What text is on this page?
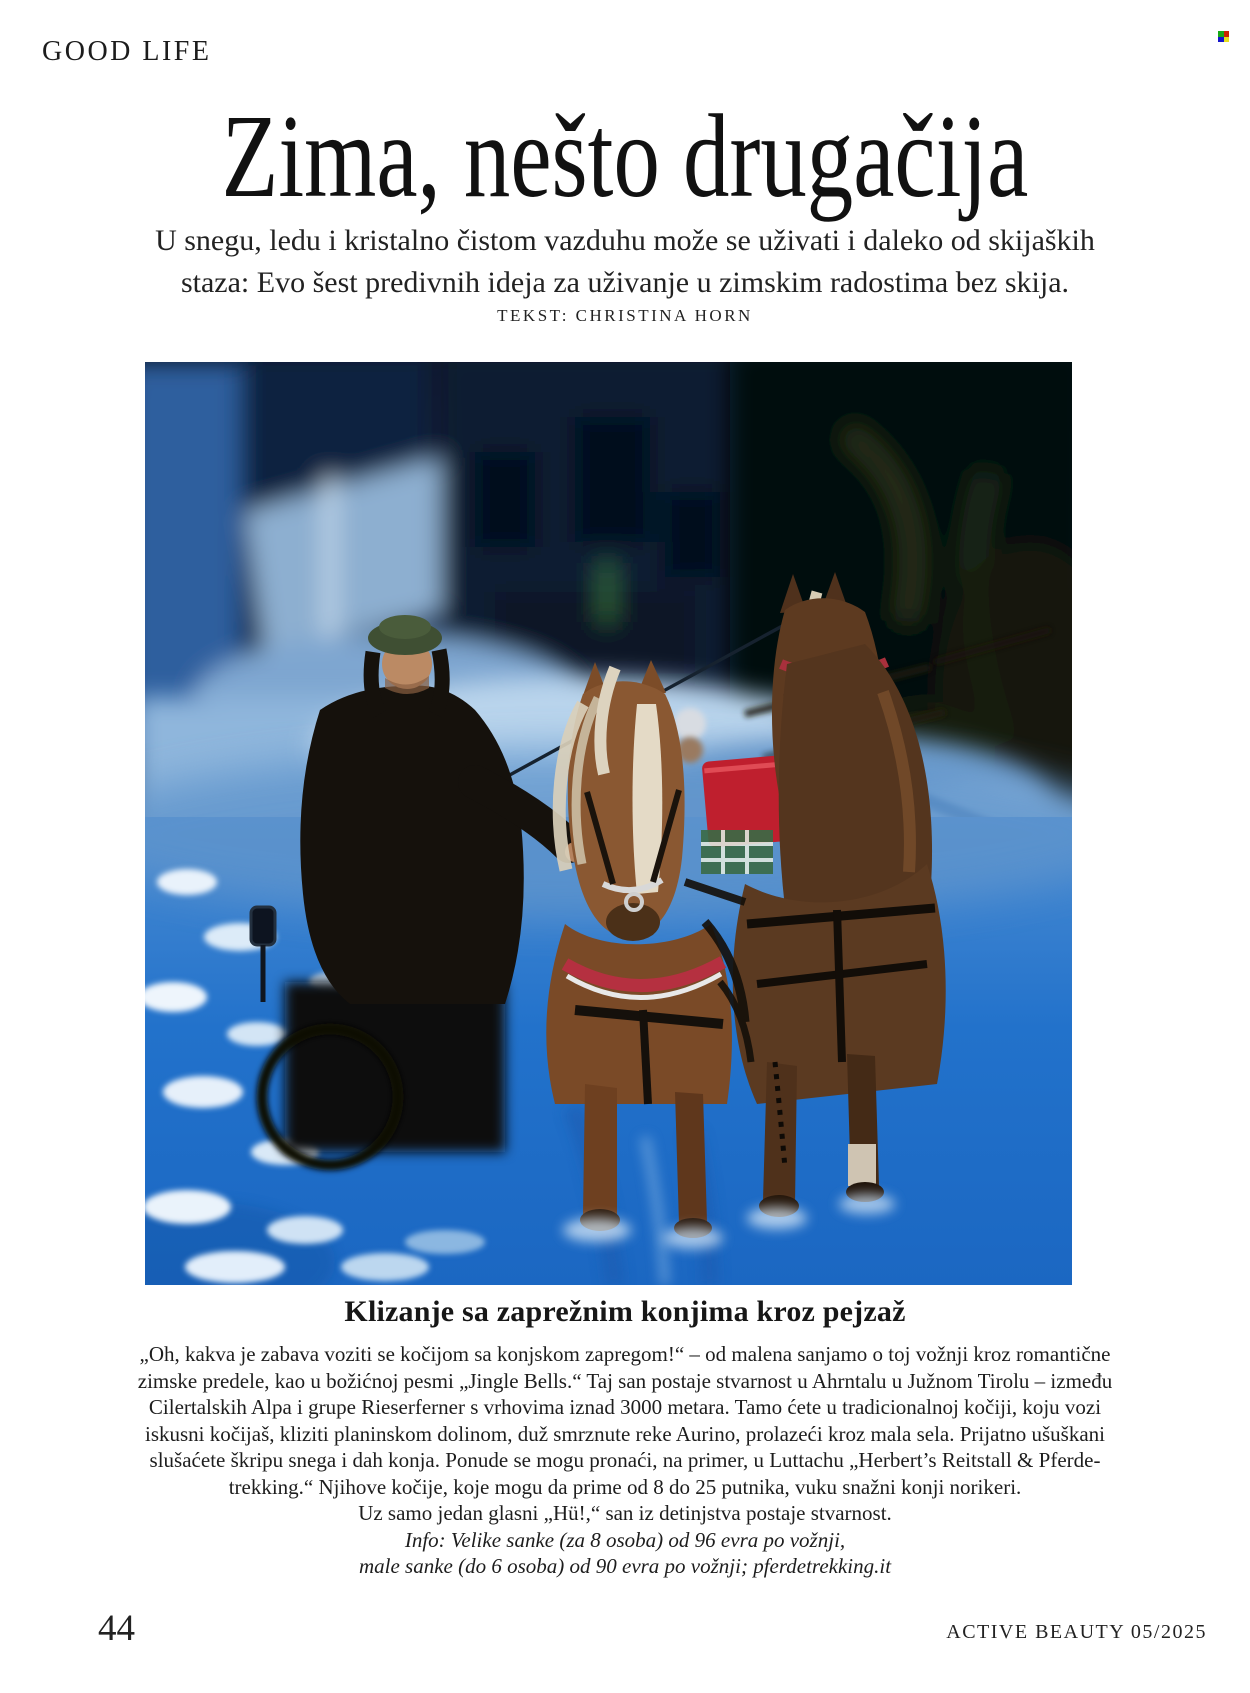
GOOD LIFE
Zima, nešto drugačija
U snegu, ledu i kristalno čistom vazduhu može se uživati i daleko od skijaških
staza: Evo šest predivnih ideja za uživanje u zimskim radostima bez skija.
TEKST: CHRISTINA HORN
Klizanje sa zaprežnim konjima kroz pejzaž
„Oh, kakva je zabava voziti se kočijom sa konjskom zapregom!“ – od malena sanjamo o toj vožnji kroz romantične
zimske predele, kao u božićnoj pesmi „Jingle Bells.“ Taj san postaje stvarnost u Ahrntalu u Južnom Tirolu – između
Cilertalskih Alpa i grupe Rieserferner s vrhovima iznad 3000 metara. Tamo ćete u tradicionalnoj kočiji, koju vozi
iskusni kočijaš, kliziti planinskom dolinom, duž smrznute reke Aurino, prolazeći kroz mala sela. Prijatno ušuškani
slušaćete škripu snega i dah konja. Ponude se mogu pronaći, na primer, u Luttachu „Herbert’s Reitstall & Pferde-
trekking.“ Njihove kočije, koje mogu da prime od 8 do 25 putnika, vuku snažni konji norikeri.
Uz samo jedan glasni „Hü!,“ san iz detinjstva postaje stvarnost.
Info: Velike sanke (za 8 osoba) od 96 evra po vožnji,
male sanke (do 6 osoba) od 90 evra po vožnji; pferdetrekking.it
44	ACTIVE BEAUTY 05/2025
